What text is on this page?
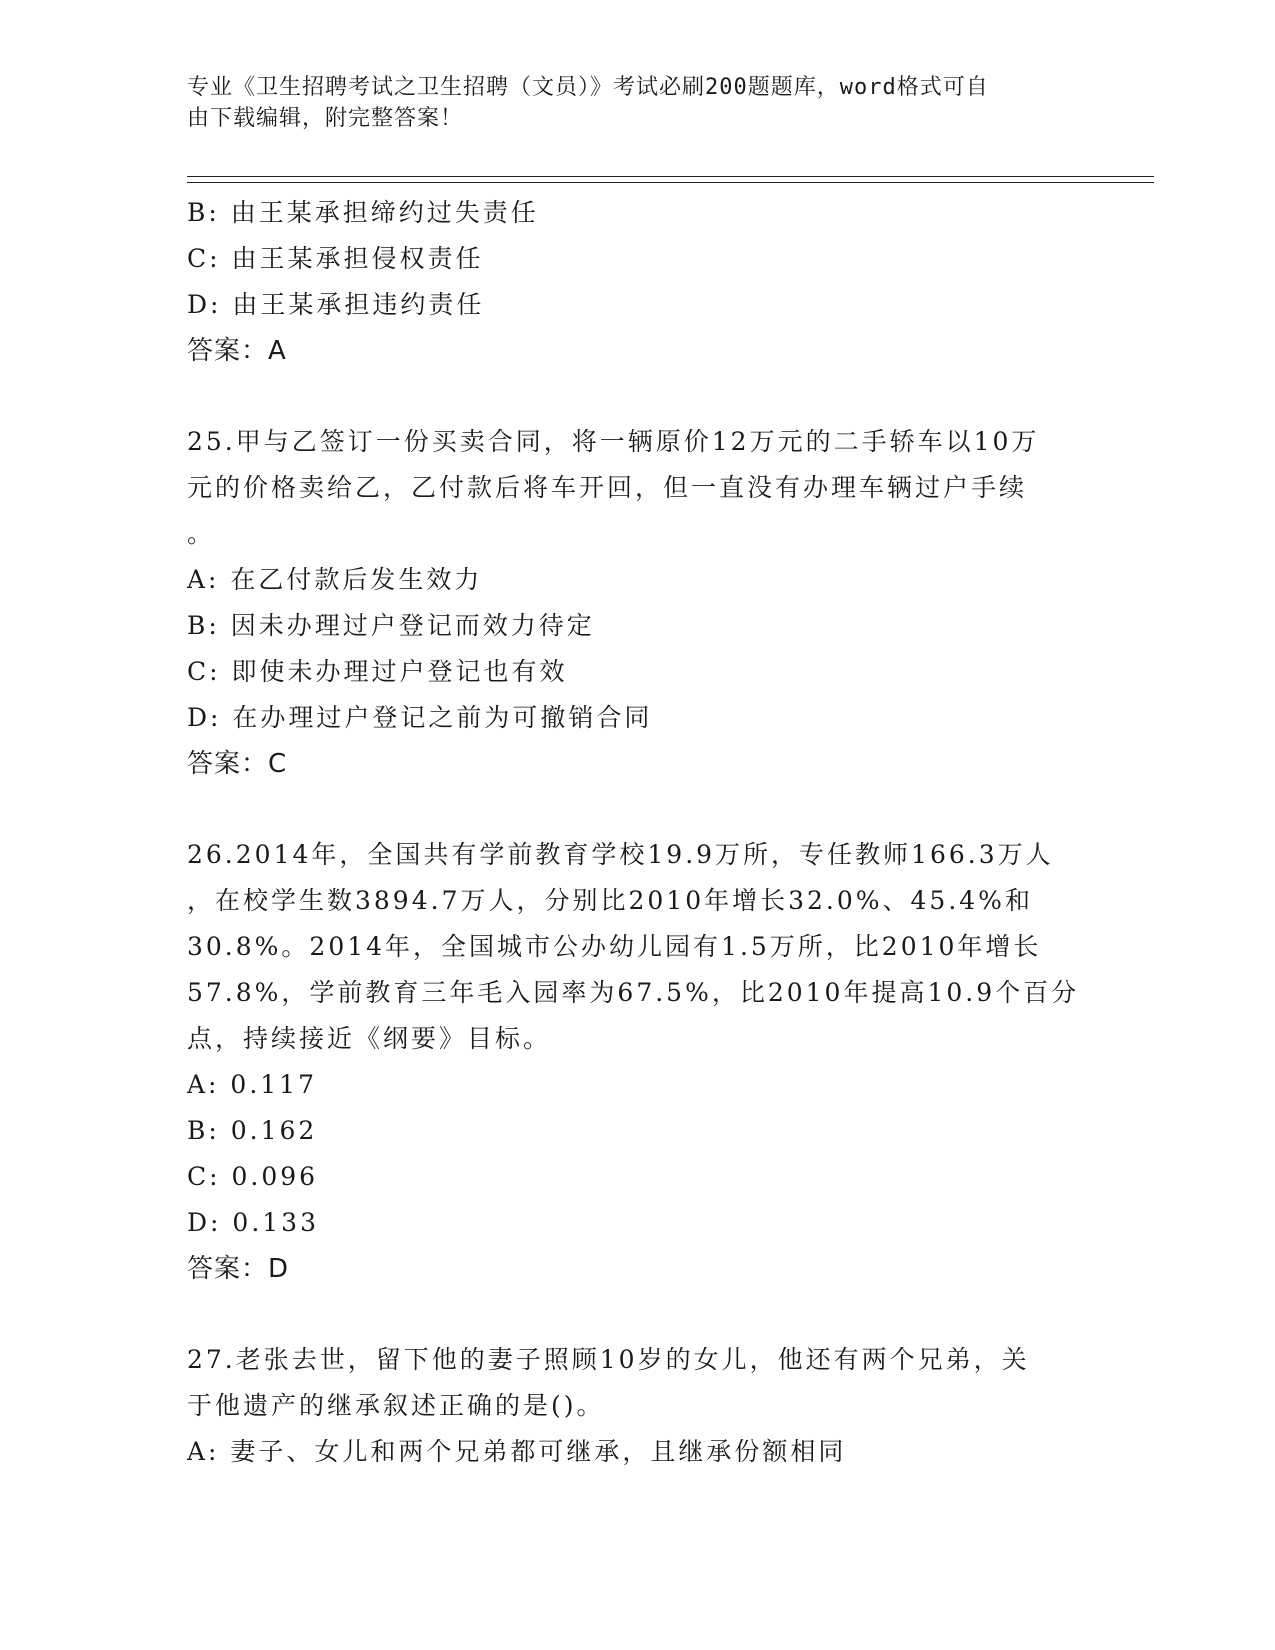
专业《卫生招聘考试之卫生招聘（文员）》考试必刷200题题库，word格式可自
由下载编辑，附完整答案！
B: 由王某承担缔约过失责任
C: 由王某承担侵权责任
D: 由王某承担违约责任
答案：A
25.甲与乙签订一份买卖合同，将一辆原价12万元的二手轿车以10万
元的价格卖给乙，乙付款后将车开回，但一直没有办理车辆过户手续
。
A: 在乙付款后发生效力
B: 因未办理过户登记而效力待定
C: 即使未办理过户登记也有效
D: 在办理过户登记之前为可撤销合同
答案：C
26.2014年，全国共有学前教育学校19.9万所，专任教师166.3万人
，在校学生数3894.7万人，分别比2010年增长32.0%、45.4%和
30.8%。2014年，全国城市公办幼儿园有1.5万所，比2010年增长
57.8%，学前教育三年毛入园率为67.5%，比2010年提高10.9个百分
点，持续接近《纲要》目标。
A: 0.117
B: 0.162
C: 0.096
D: 0.133
答案：D
27.老张去世，留下他的妻子照顾10岁的女儿，他还有两个兄弟，关
于他遗产的继承叙述正确的是()。
A: 妻子、女儿和两个兄弟都可继承，且继承份额相同
